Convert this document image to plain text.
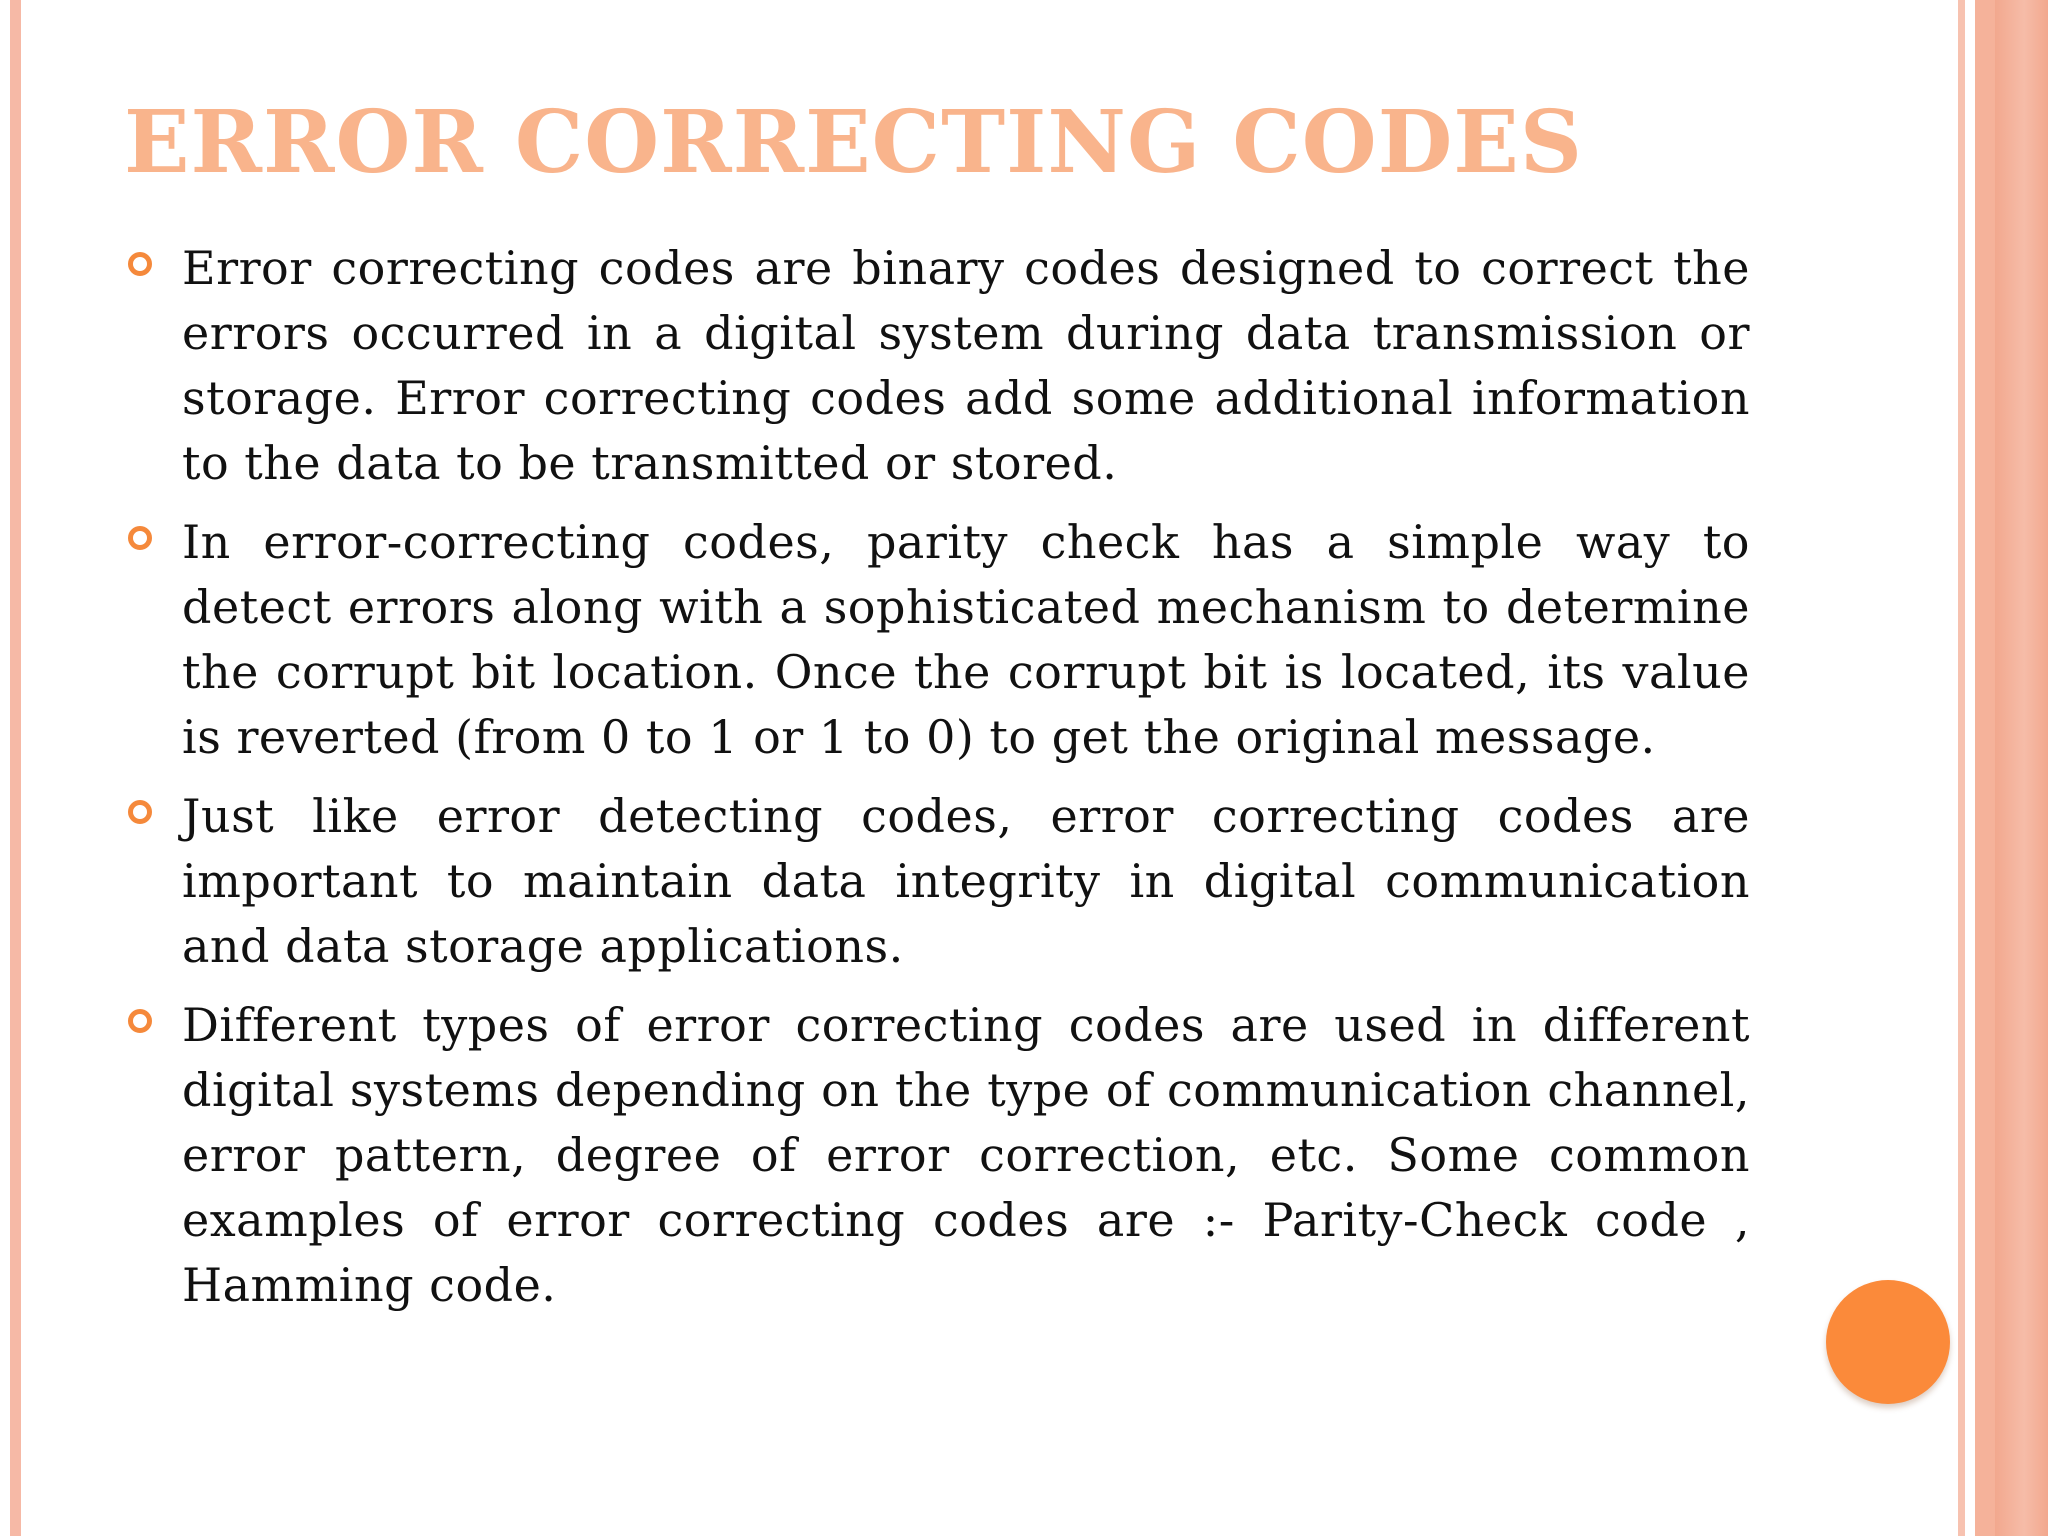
ERROR CORRECTING CODES
Error correcting codes are binary codes designed to correct the errors occurred in a digital system during data transmission or storage. Error correcting codes add some additional information to the data to be transmitted or stored.
In error-correcting codes, parity check has a simple way to detect errors along with a sophisticated mechanism to determine the corrupt bit location. Once the corrupt bit is located, its value is reverted (from 0 to 1 or 1 to 0) to get the original message.
Just like error detecting codes, error correcting codes are important to maintain data integrity in digital communication and data storage applications.
Different types of error correcting codes are used in different digital systems depending on the type of communication channel, error pattern, degree of error correction, etc. Some common examples of error correcting codes are :- Parity-Check code , Hamming code.
